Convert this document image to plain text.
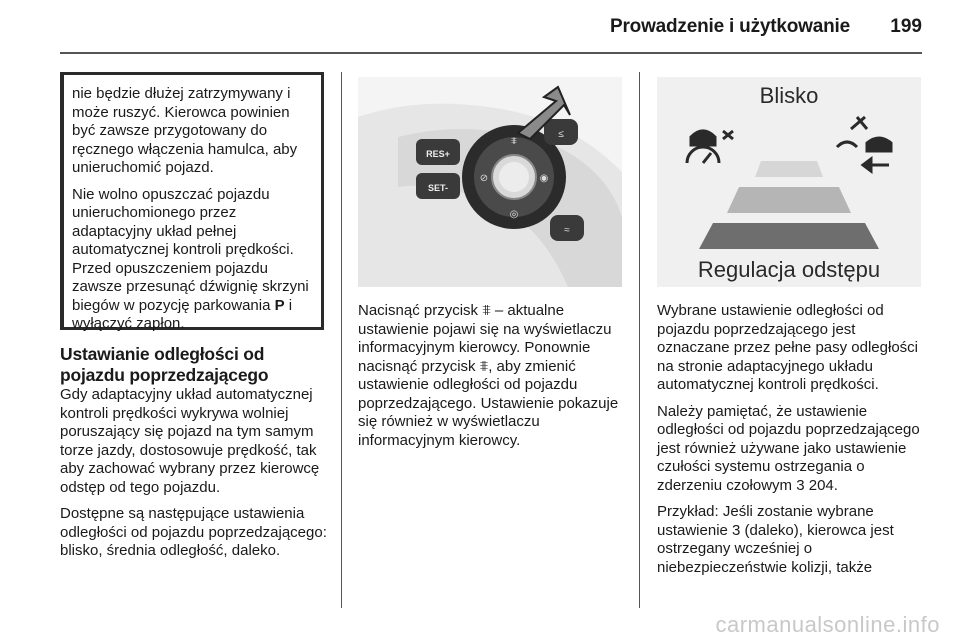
Prowadzenie i użytkowanie 199

nie będzie dłużej zatrzymywany i może ruszyć. Kierowca powinien być zawsze przygotowany do ręcznego włączenia hamulca, aby unieruchomić pojazd.

Nie wolno opuszczać pojazdu unieruchomionego przez adaptacyjny układ pełnej automatycznej kontroli prędkości. Przed opuszczeniem pojazdu zawsze przesunąć dźwignię skrzyni biegów w pozycję parkowania P i wyłączyć zapłon.

Ustawianie odległości od pojazdu poprzedzającego

Gdy adaptacyjny układ automatycznej kontroli prędkości wykrywa wolniej poruszający się pojazd na tym samym torze jazdy, dostosowuje prędkość, tak aby zachować wybrany przez kierowcę odstęp od tego pojazdu.

Dostępne są następujące ustawienia odległości od pojazdu poprzedzającego: blisko, średnia odległość, daleko.

RES+
SET-
⩨
⊘	◉
◎
≤
≈

Nacisnąć przycisk ⩨ – aktualne ustawienie pojawi się na wyświetlaczu informacyjnym kierowcy. Ponownie nacisnąć przycisk ⩨, aby zmienić ustawienie odległości od pojazdu poprzedzającego. Ustawienie pokazuje się również w wyświetlaczu informacyjnym kierowcy.

Blisko
Regulacja odstępu

Wybrane ustawienie odległości od pojazdu poprzedzającego jest oznaczane przez pełne pasy odległości na stronie adaptacyjnego układu automatycznej kontroli prędkości.

Należy pamiętać, że ustawienie odległości od pojazdu poprzedzającego jest również używane jako ustawienie czułości systemu ostrzegania o zderzeniu czołowym 3 204.

Przykład: Jeśli zostanie wybrane ustawienie 3 (daleko), kierowca jest ostrzegany wcześniej o niebezpieczeństwie kolizji, także

carmanualsonline.info
